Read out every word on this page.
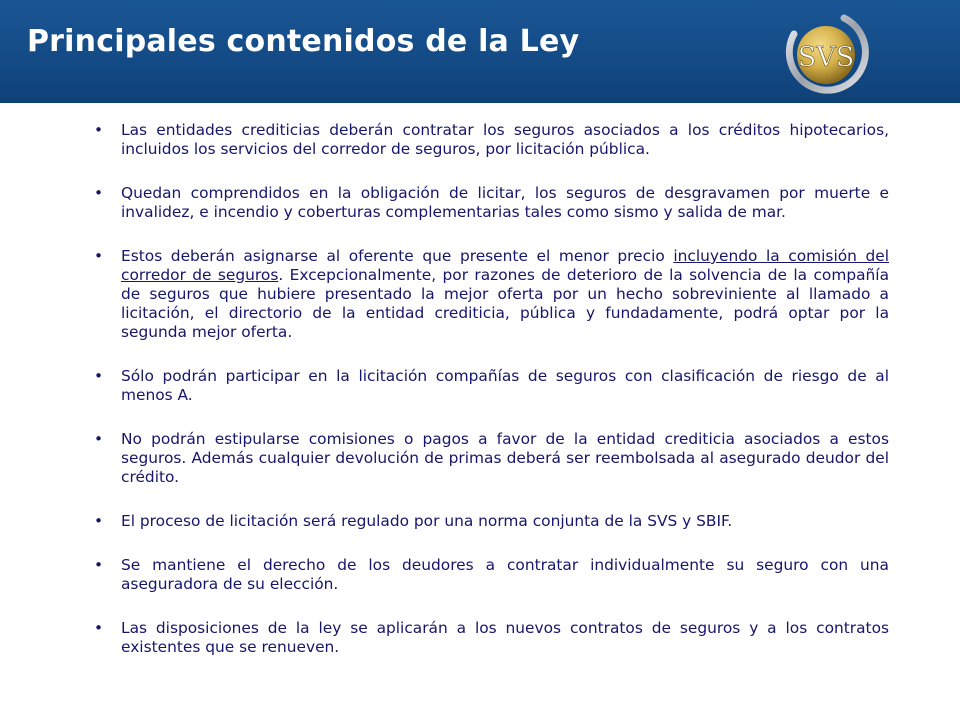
Principales contenidos de la Ley	SVS
• Las entidades crediticias deberán contratar los seguros asociados a los créditos hipotecarios, incluidos los servicios del corredor de seguros, por licitación pública.
• Quedan comprendidos en la obligación de licitar, los seguros de desgravamen por muerte e invalidez, e incendio y coberturas complementarias tales como sismo y salida de mar.
• Estos deberán asignarse al oferente que presente el menor precio incluyendo la comisión del corredor de seguros. Excepcionalmente, por razones de deterioro de la solvencia de la compañía de seguros que hubiere presentado la mejor oferta por un hecho sobreviniente al llamado a licitación, el directorio de la entidad crediticia, pública y fundadamente, podrá optar por la segunda mejor oferta.
• Sólo podrán participar en la licitación compañías de seguros con clasificación de riesgo de al menos A.
• No podrán estipularse comisiones o pagos a favor de la entidad crediticia asociados a estos seguros. Además cualquier devolución de primas deberá ser reembolsada al asegurado deudor del crédito.
• El proceso de licitación será regulado por una norma conjunta de la SVS y SBIF.
• Se mantiene el derecho de los deudores a contratar individualmente su seguro con una aseguradora de su elección.
• Las disposiciones de la ley se aplicarán a los nuevos contratos de seguros y a los contratos existentes que se renueven.
